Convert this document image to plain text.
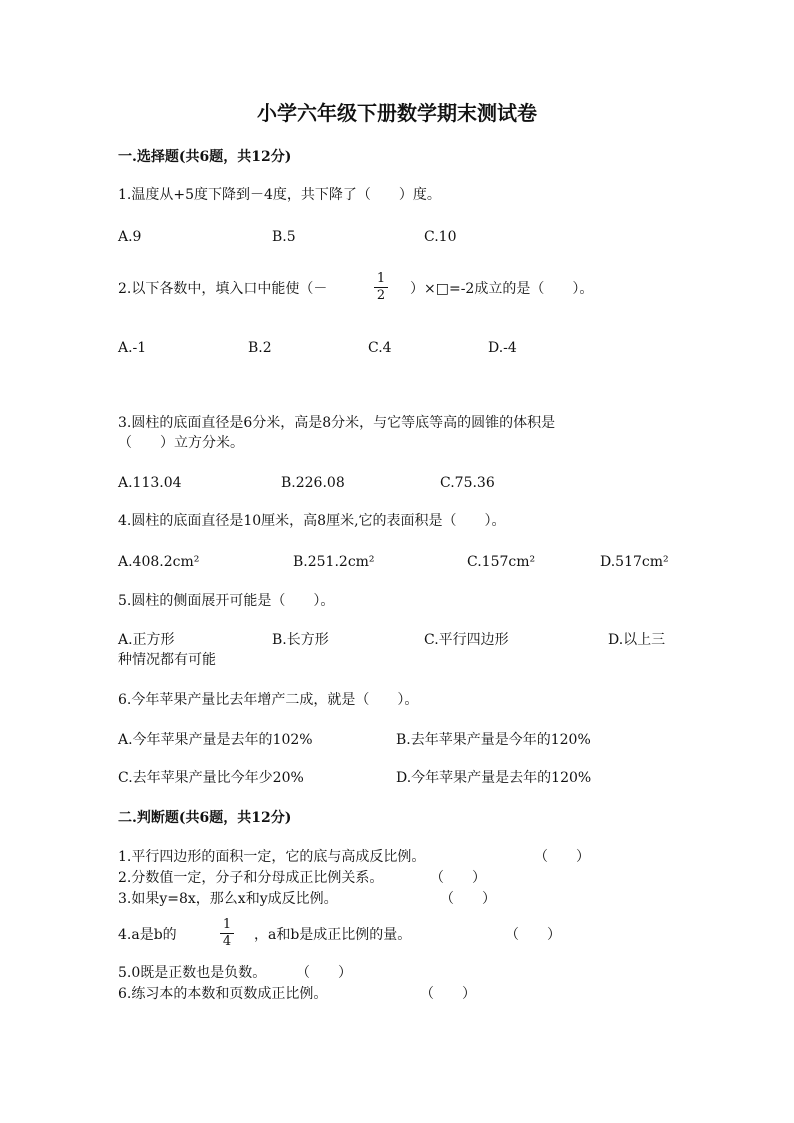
小学六年级下册数学期末测试卷
一.选择题(共6题，共12分)
1.温度从+5度下降到－4度，共下降了（　　）度。
A.9	B.5	C.10
2.以下各数中，填入口中能使（－
1
2 ）×□=-2成立的是（　　）。
A.-1	B.2	C.4	D.-4
3.圆柱的底面直径是6分米，高是8分米，与它等底等高的圆锥的体积是
（　　）立方分米。
A.113.04	B.226.08	C.75.36
4.圆柱的底面直径是10厘米，高8厘米,它的表面积是（　　）。
A.408.2cm²	B.251.2cm²	C.157cm²	D.517cm²
5.圆柱的侧面展开可能是（　　）。
A.正方形	B.长方形	C.平行四边形	D.以上三
种情况都有可能
6.今年苹果产量比去年增产二成，就是（　　）。
A.今年苹果产量是去年的102%	B.去年苹果产量是今年的120%
C.去年苹果产量比今年少20%	D.今年苹果产量是去年的120%
二.判断题(共6题，共12分)
1.平行四边形的面积一定，它的底与高成反比例。	（　　）
2.分数值一定，分子和分母成正比例关系。	（　　）
3.如果y=8x，那么x和y成反比例。	（　　）
4.a是b的
1
4 ，a和b是成正比例的量。	（　　）
5.0既是正数也是负数。 （　　）
6.练习本的本数和页数成正比例。	（　　）
